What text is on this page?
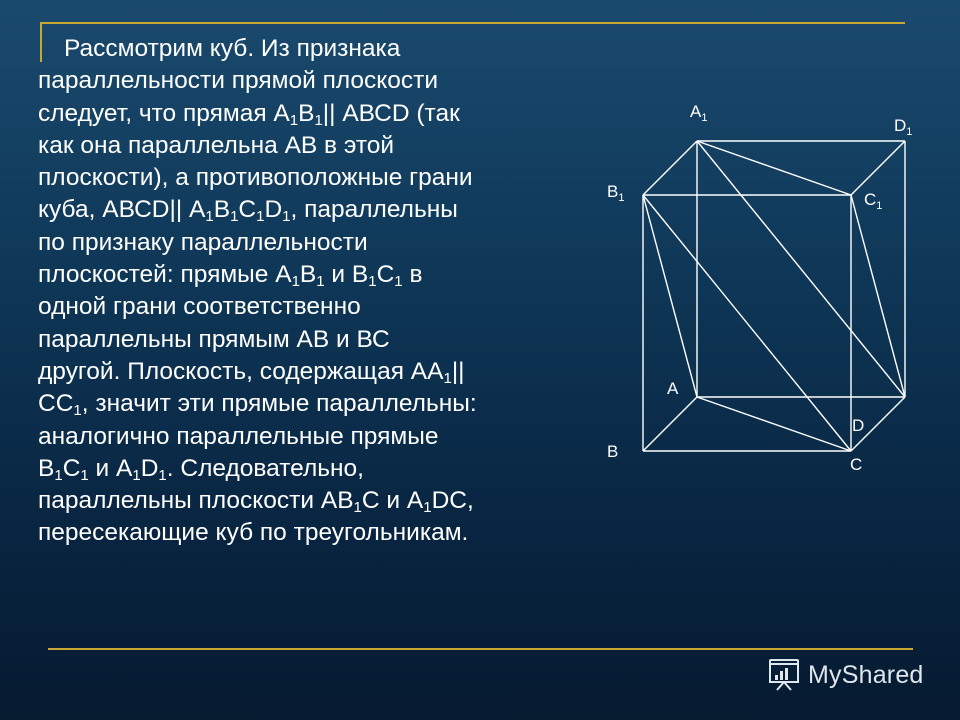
Рассмотрим куб. Из признака

параллельности прямой плоскости

следует, что прямая $А_1В_1||$ АВСD (так

как она параллельна АВ в этой

плоскости), а противоположные грани

куба, АВСD|| $А_1В_1С_1D_1$, параллельны

по признаку параллельности

плоскостей: прямые $А_1В_1$ и $В_1С_1$ в

одной грани соответственно

параллельны прямым АВ и ВС

другой. Плоскость, содержащая $АА_1||$

$СС_1$, значит эти прямые параллельны:

аналогично параллельные прямые

$В_1С_1$ и $А_1D_1$. Следовательно,

параллельны плоскости $АВ_1С$ и $А_1DC$,

пересекающие куб по треугольникам.

$А_1$	$D_1$
$В_1$	$С_1$
А
D
В
С
MyShared
